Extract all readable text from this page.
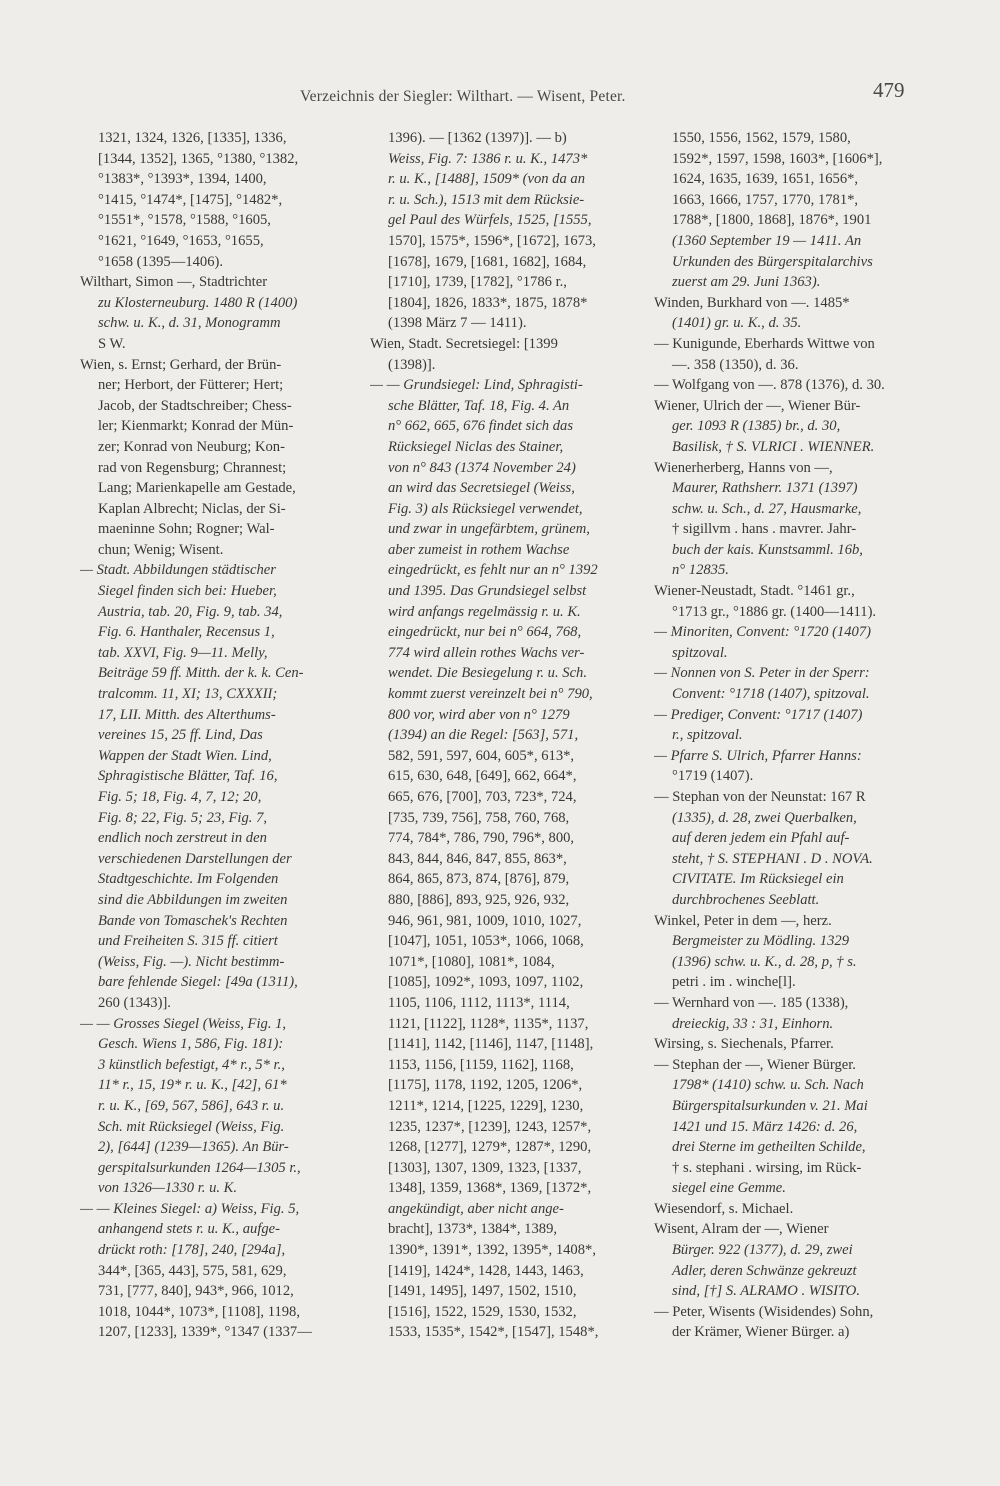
Verzeichnis der Siegler: Wilthart. — Wisent, Peter.	479
1321, 1324, 1326, [1335], 1336,
[1344, 1352], 1365, °1380, °1382,
°1383*, °1393*, 1394, 1400,
°1415, °1474*, [1475], °1482*,
°1551*, °1578, °1588, °1605,
°1621, °1649, °1653, °1655,
°1658 (1395—1406).
Wilthart, Simon —, Stadtrichter
zu Klosterneuburg. 1480 R (1400)
schw. u. K., d. 31, Monogramm
S W.
Wien, s. Ernst; Gerhard, der Brün-
ner; Herbort, der Fütterer; Hert;
Jacob, der Stadtschreiber; Chess-
ler; Kienmarkt; Konrad der Mün-
zer; Konrad von Neuburg; Kon-
rad von Regensburg; Chrannest;
Lang; Marienkapelle am Gestade,
Kaplan Albrecht; Niclas, der Si-
maeninne Sohn; Rogner; Wal-
chun; Wenig; Wisent.
— Stadt. Abbildungen städtischer
Siegel finden sich bei: Hueber,
Austria, tab. 20, Fig. 9, tab. 34,
Fig. 6. Hanthaler, Recensus 1,
tab. XXVI, Fig. 9—11. Melly,
Beiträge 59 ff. Mitth. der k. k. Cen-
tralcomm. 11, XI; 13, CXXXII;
17, LII. Mitth. des Alterthums-
vereines 15, 25 ff. Lind, Das
Wappen der Stadt Wien. Lind,
Sphragistische Blätter, Taf. 16,
Fig. 5; 18, Fig. 4, 7, 12; 20,
Fig. 8; 22, Fig. 5; 23, Fig. 7,
endlich noch zerstreut in den
verschiedenen Darstellungen der
Stadtgeschichte. Im Folgenden
sind die Abbildungen im zweiten
Bande von Tomaschek's Rechten
und Freiheiten S. 315 ff. citiert
(Weiss, Fig. —). Nicht bestimm-
bare fehlende Siegel: [49a (1311),
260 (1343)].
— — Grosses Siegel (Weiss, Fig. 1,
Gesch. Wiens 1, 586, Fig. 181):
3 künstlich befestigt, 4* r., 5* r.,
11* r., 15, 19* r. u. K., [42], 61*
r. u. K., [69, 567, 586], 643 r. u.
Sch. mit Rücksiegel (Weiss, Fig.
2), [644] (1239—1365). An Bür-
gerspitalsurkunden 1264—1305 r.,
von 1326—1330 r. u. K.
— — Kleines Siegel: a) Weiss, Fig. 5,
anhangend stets r. u. K., aufge-
drückt roth: [178], 240, [294a],
344*, [365, 443], 575, 581, 629,
731, [777, 840], 943*, 966, 1012,
1018, 1044*, 1073*, [1108], 1198,
1207, [1233], 1339*, °1347 (1337—
1396). — [1362 (1397)]. — b)
Weiss, Fig. 7: 1386 r. u. K., 1473*
r. u. K., [1488], 1509* (von da an
r. u. Sch.), 1513 mit dem Rücksie-
gel Paul des Würfels, 1525, [1555,
1570], 1575*, 1596*, [1672], 1673,
[1678], 1679, [1681, 1682], 1684,
[1710], 1739, [1782], °1786 r.,
[1804], 1826, 1833*, 1875, 1878*
(1398 März 7 — 1411).
Wien, Stadt. Secretsiegel: [1399
(1398)].
— — Grundsiegel: Lind, Sphragisti-
sche Blätter, Taf. 18, Fig. 4. An
n° 662, 665, 676 findet sich das
Rücksiegel Niclas des Stainer,
von n° 843 (1374 November 24)
an wird das Secretsiegel (Weiss,
Fig. 3) als Rücksiegel verwendet,
und zwar in ungefärbtem, grünem,
aber zumeist in rothem Wachse
eingedrückt, es fehlt nur an n° 1392
und 1395. Das Grundsiegel selbst
wird anfangs regelmässig r. u. K.
eingedrückt, nur bei n° 664, 768,
774 wird allein rothes Wachs ver-
wendet. Die Besiegelung r. u. Sch.
kommt zuerst vereinzelt bei n° 790,
800 vor, wird aber von n° 1279
(1394) an die Regel: [563], 571,
582, 591, 597, 604, 605*, 613*,
615, 630, 648, [649], 662, 664*,
665, 676, [700], 703, 723*, 724,
[735, 739, 756], 758, 760, 768,
774, 784*, 786, 790, 796*, 800,
843, 844, 846, 847, 855, 863*,
864, 865, 873, 874, [876], 879,
880, [886], 893, 925, 926, 932,
946, 961, 981, 1009, 1010, 1027,
[1047], 1051, 1053*, 1066, 1068,
1071*, [1080], 1081*, 1084,
[1085], 1092*, 1093, 1097, 1102,
1105, 1106, 1112, 1113*, 1114,
1121, [1122], 1128*, 1135*, 1137,
[1141], 1142, [1146], 1147, [1148],
1153, 1156, [1159, 1162], 1168,
[1175], 1178, 1192, 1205, 1206*,
1211*, 1214, [1225, 1229], 1230,
1235, 1237*, [1239], 1243, 1257*,
1268, [1277], 1279*, 1287*, 1290,
[1303], 1307, 1309, 1323, [1337,
1348], 1359, 1368*, 1369, [1372*,
angekündigt, aber nicht ange-
bracht], 1373*, 1384*, 1389,
1390*, 1391*, 1392, 1395*, 1408*,
[1419], 1424*, 1428, 1443, 1463,
[1491, 1495], 1497, 1502, 1510,
[1516], 1522, 1529, 1530, 1532,
1533, 1535*, 1542*, [1547], 1548*,
1550, 1556, 1562, 1579, 1580,
1592*, 1597, 1598, 1603*, [1606*],
1624, 1635, 1639, 1651, 1656*,
1663, 1666, 1757, 1770, 1781*,
1788*, [1800, 1868], 1876*, 1901
(1360 September 19 — 1411. An
Urkunden des Bürgerspitalarchivs
zuerst am 29. Juni 1363).
Winden, Burkhard von —. 1485*
(1401) gr. u. K., d. 35.
— Kunigunde, Eberhards Wittwe von
—. 358 (1350), d. 36.
— Wolfgang von —. 878 (1376), d. 30.
Wiener, Ulrich der —, Wiener Bür-
ger. 1093 R (1385) br., d. 30,
Basilisk, † S. VLRICI . WIENNER.
Wienerherberg, Hanns von —,
Maurer, Rathsherr. 1371 (1397)
schw. u. Sch., d. 27, Hausmarke,
† sigillvm . hans . mavrer. Jahr-
buch der kais. Kunstsamml. 16b,
n° 12835.
Wiener-Neustadt, Stadt. °1461 gr.,
°1713 gr., °1886 gr. (1400—1411).
— Minoriten, Convent: °1720 (1407)
spitzoval.
— Nonnen von S. Peter in der Sperr:
Convent: °1718 (1407), spitzoval.
— Prediger, Convent: °1717 (1407)
r., spitzoval.
— Pfarre S. Ulrich, Pfarrer Hanns:
°1719 (1407).
— Stephan von der Neunstat: 167 R
(1335), d. 28, zwei Querbalken,
auf deren jedem ein Pfahl auf-
steht, † S. STEPHANI . D . NOVA.
CIVITATE. Im Rücksiegel ein
durchbrochenes Seeblatt.
Winkel, Peter in dem —, herz.
Bergmeister zu Mödling. 1329
(1396) schw. u. K., d. 28, p, † s.
petri . im . winche[l].
— Wernhard von —. 185 (1338),
dreieckig, 33 : 31, Einhorn.
Wirsing, s. Siechenals, Pfarrer.
— Stephan der —, Wiener Bürger.
1798* (1410) schw. u. Sch. Nach
Bürgerspitalsurkunden v. 21. Mai
1421 und 15. März 1426: d. 26,
drei Sterne im getheilten Schilde,
† s. stephani . wirsing, im Rück-
siegel eine Gemme.
Wiesendorf, s. Michael.
Wisent, Alram der —, Wiener
Bürger. 922 (1377), d. 29, zwei
Adler, deren Schwänze gekreuzt
sind, [†] S. ALRAMO . WISITO.
— Peter, Wisents (Wisidendes) Sohn,
der Krämer, Wiener Bürger. a)
